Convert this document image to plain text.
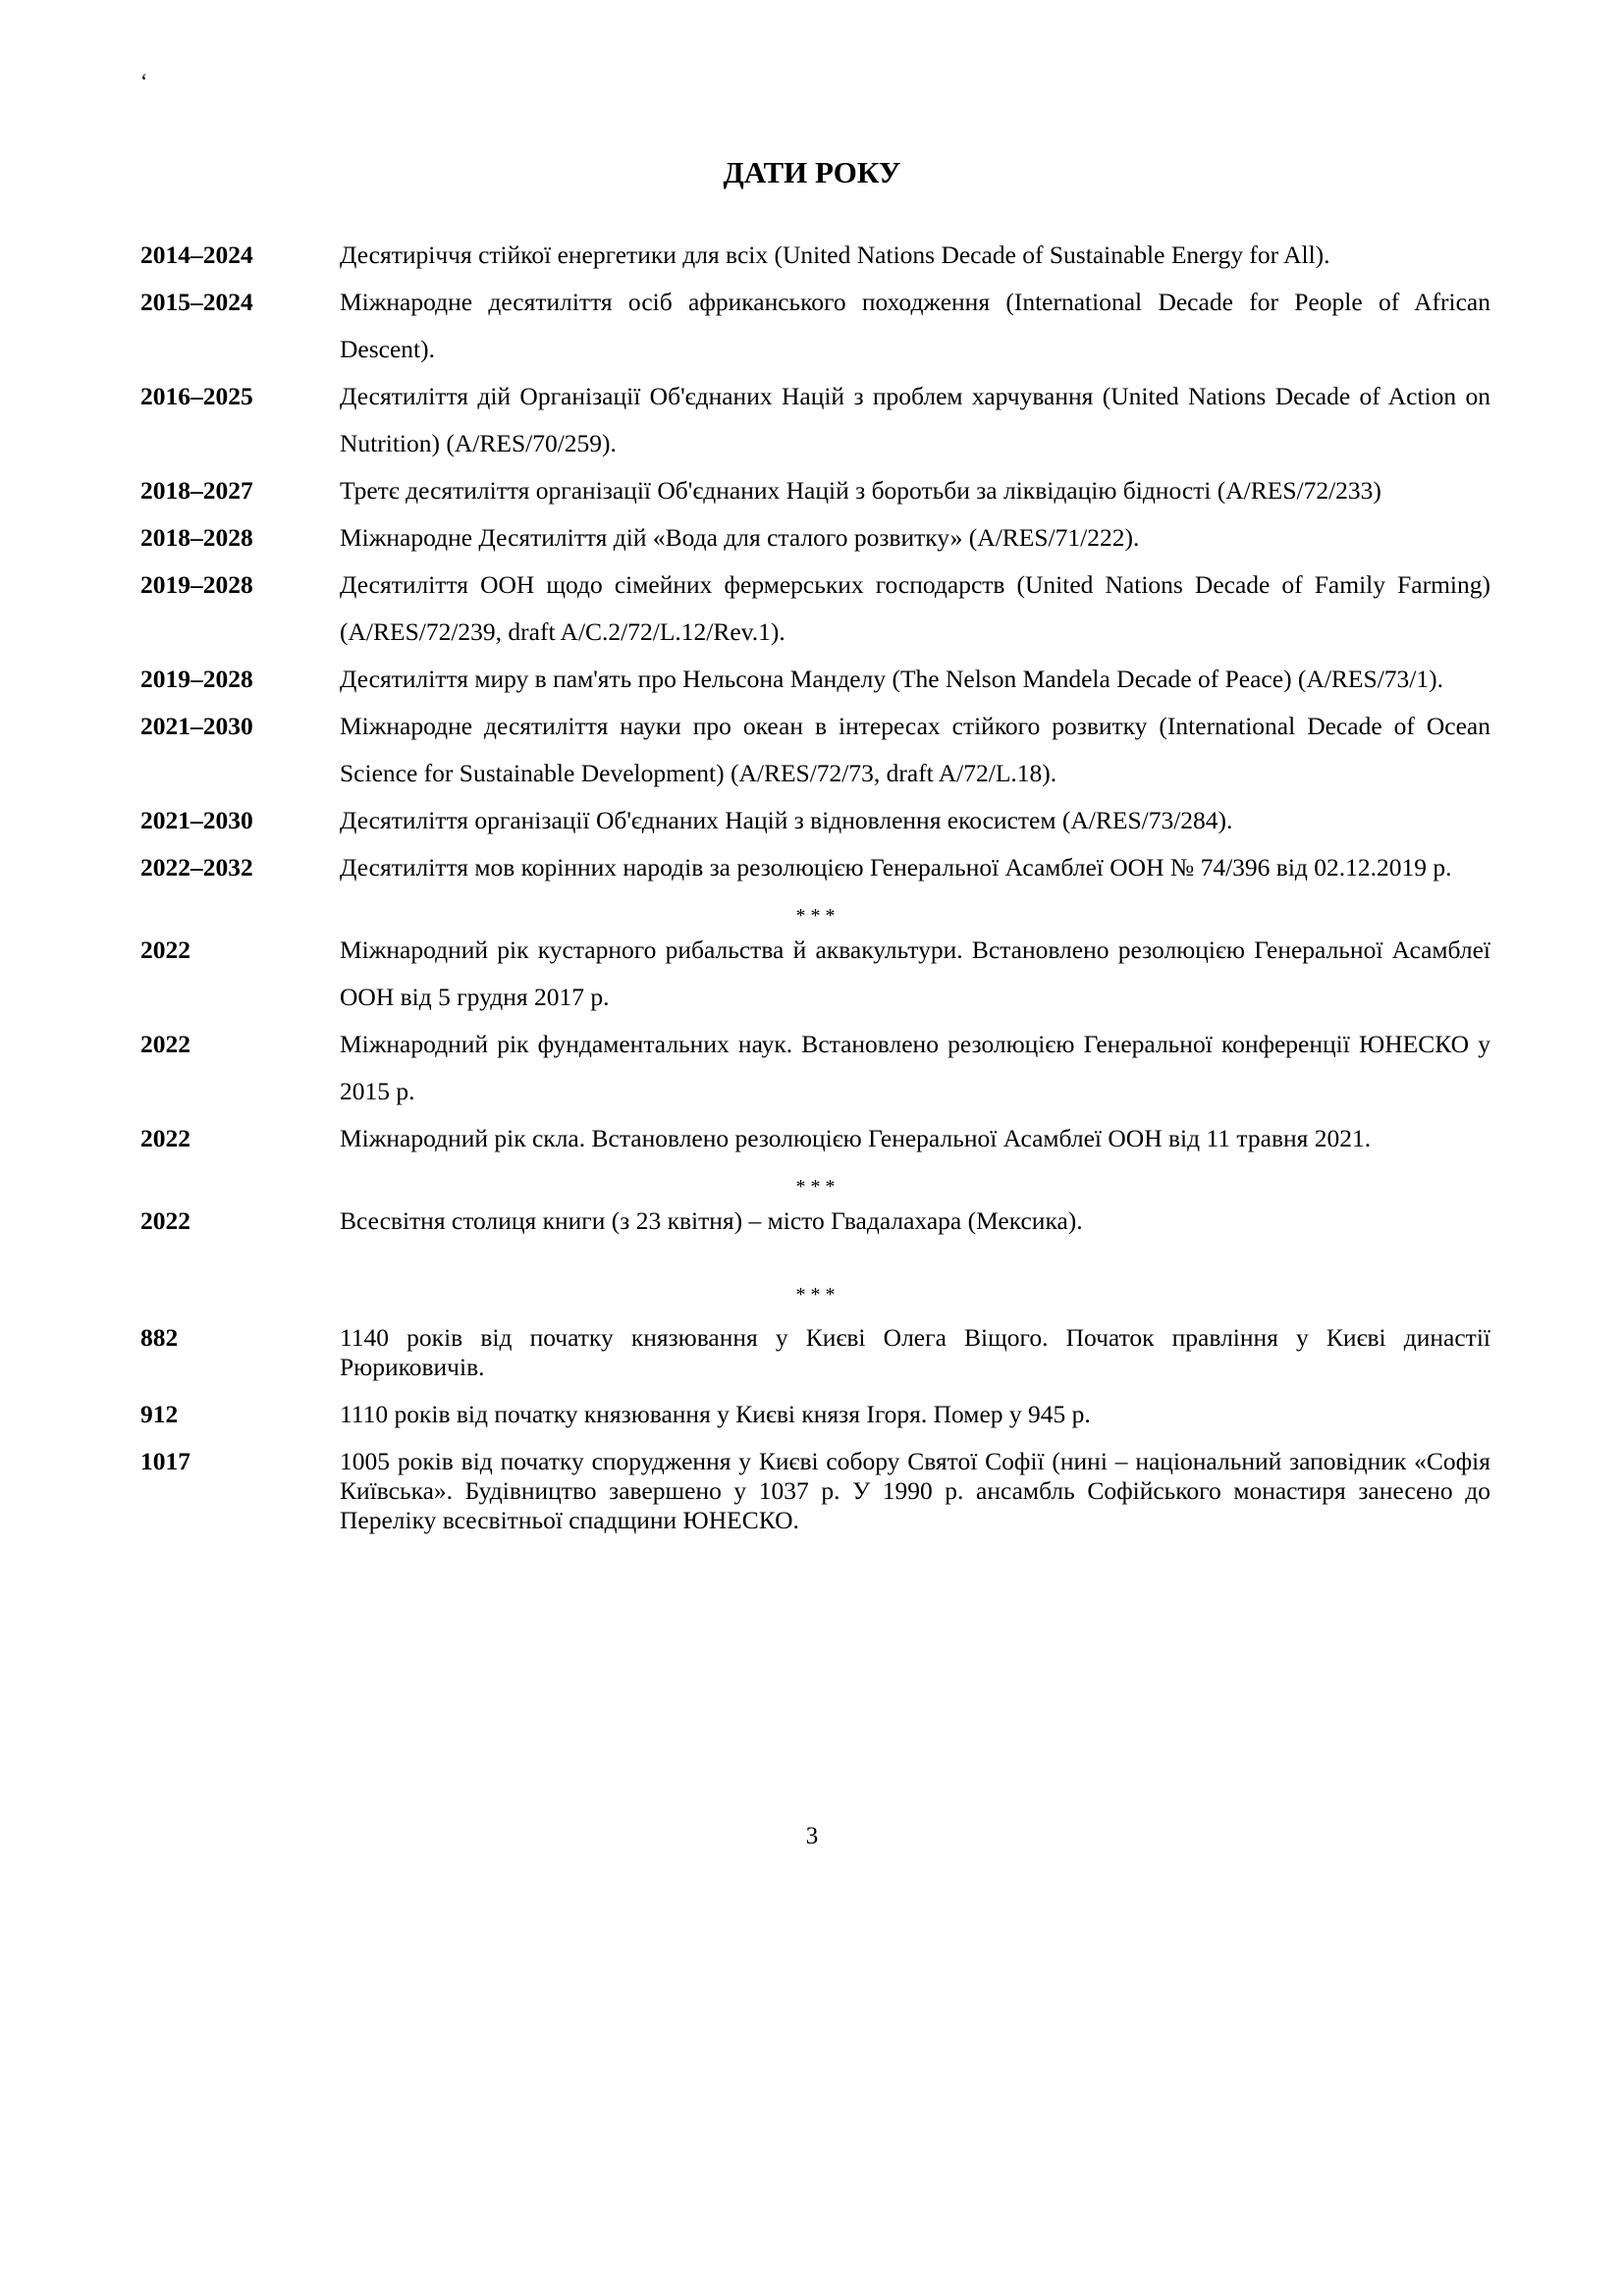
‘
ДАТИ РОКУ
2014–2024	Десятиріччя стійкої енергетики для всіх (United Nations Decade of Sustainable Energy for All).
2015–2024	Міжнародне десятиліття осіб африканського походження (International Decade for People of African Descent).
2016–2025	Десятиліття дій Організації Об'єднаних Націй з проблем харчування (United Nations Decade of Action on Nutrition) (A/RES/70/259).
2018–2027	Третє десятиліття організації Об'єднаних Націй з боротьби за ліквідацію бідності (A/RES/72/233)
2018–2028	Міжнародне Десятиліття дій «Вода для сталого розвитку» (A/RES/71/222).
2019–2028	Десятиліття ООН щодо сімейних фермерських господарств (United Nations Decade of Family Farming) (A/RES/72/239, draft A/C.2/72/L.12/Rev.1).
2019–2028	Десятиліття миру в пам'ять про Нельсона Манделу (The Nelson Mandela Decade of Peace) (A/RES/73/1).
2021–2030	Міжнародне десятиліття науки про океан в інтересах стійкого розвитку (International Decade of Ocean Science for Sustainable Development) (A/RES/72/73, draft A/72/L.18).
2021–2030	Десятиліття організації Об'єднаних Націй з відновлення екосистем (A/RES/73/284).
2022–2032	Десятиліття мов корінних народів за резолюцією Генеральної Асамблеї ООН № 74/396 від 02.12.2019 р.
* * *
2022	Міжнародний рік кустарного рибальства й аквакультури. Встановлено резолюцією Генеральної Асамблеї ООН від 5 грудня 2017 р.
2022	Міжнародний рік фундаментальних наук. Встановлено резолюцією Генеральної конференції ЮНЕСКО у 2015 р.
2022	Міжнародний рік скла. Встановлено резолюцією Генеральної Асамблеї ООН від 11 травня 2021.
* * *
2022	Всесвітня столиця книги (з 23 квітня) – місто Гвадалахара (Мексика).
* * *
882	1140 років від початку князювання у Києві Олега Віщого. Початок правління у Києві династії Рюриковичів.
912	1110 років від початку князювання у Києві князя Ігоря. Помер у 945 р.
1017	1005 років від початку спорудження у Києві собору Святої Софії (нині – національний заповідник «Софія Київська». Будівництво завершено у 1037 р. У 1990 р. ансамбль Софійського монастиря занесено до Переліку всесвітньої спадщини ЮНЕСКО.
3
